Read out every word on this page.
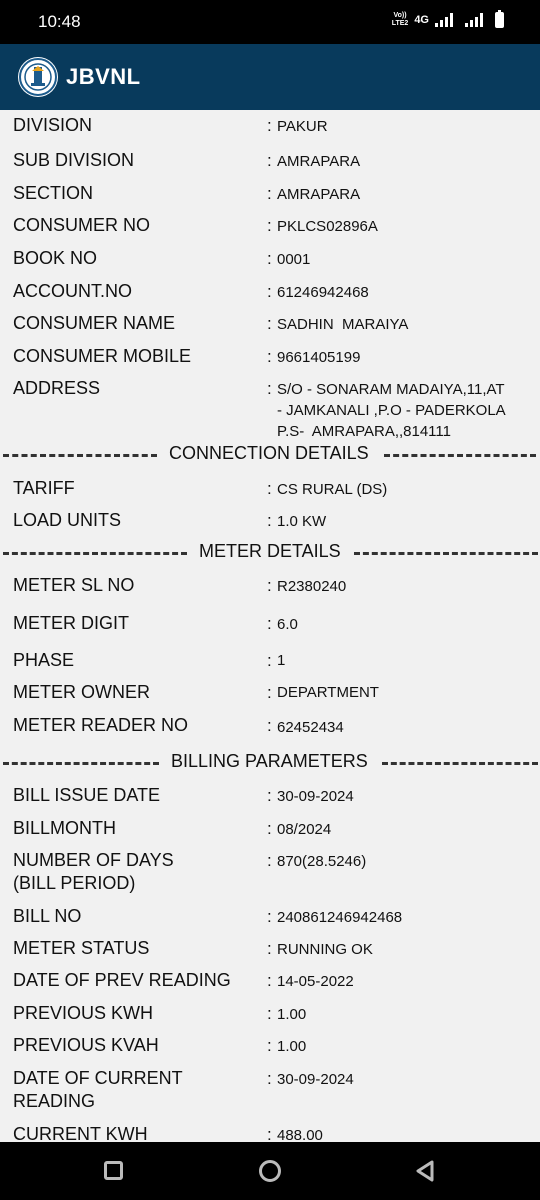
10:48	Vo))
LTE2 4G
JBVNL
DIVISION	: PAKUR
SUB DIVISION	: AMRAPARA
SECTION	: AMRAPARA
CONSUMER NO	: PKLCS02896A
BOOK NO	: 0001
ACCOUNT.NO	: 61246942468
CONSUMER NAME	: SADHIN  MARAIYA
CONSUMER MOBILE	: 9661405199
ADDRESS	: S/O - SONARAM MADAIYA,11,AT
- JAMKANALI ,P.O - PADERKOLA
P.S-  AMRAPARA,,814111
CONNECTION DETAILS
TARIFF	: CS RURAL (DS)
LOAD UNITS	: 1.0 KW
METER DETAILS
METER SL NO	: R2380240
METER DIGIT	: 6.0
PHASE	: 1
METER OWNER	: DEPARTMENT
METER READER NO	: 62452434
BILLING PARAMETERS
BILL ISSUE DATE	: 30-09-2024
BILLMONTH	: 08/2024
NUMBER OF DAYS
(BILL PERIOD)
: 870(28.5246)
BILL NO	: 240861246942468
METER STATUS	: RUNNING OK
DATE OF PREV READING : 14-05-2022
PREVIOUS KWH	: 1.00
PREVIOUS KVAH	: 1.00
DATE OF CURRENT
READING
: 30-09-2024
CURRENT KWH	: 488.00
